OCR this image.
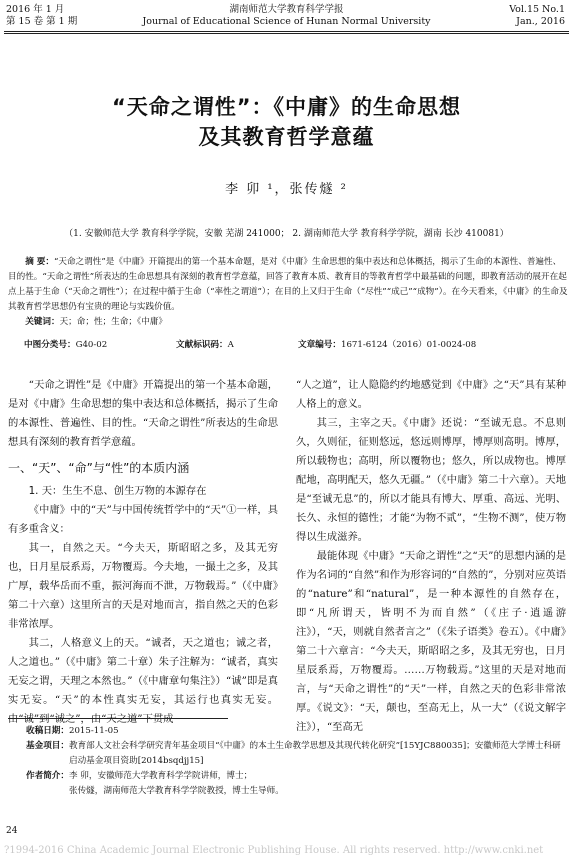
2016 年 1 月
第 15 卷 第 1 期
湖南师范大学教育科学学报
Journal of Educational Science of Hunan Normal University
Vol.15 No.1
Jan., 2016
“天命之谓性”：《中庸》的生命思想
及其教育哲学意蕴
李 卯 ¹，张传燧 ²
（1. 安徽师范大学 教育科学学院，安徽 芜湖 241000； 2. 湖南师范大学 教育科学学院，湖南 长沙 410081）

摘 要：“天命之谓性”是《中庸》开篇提出的第一个基本命题，是对《中庸》生命思想的集中表达和总体概括，揭示了生命的本源性、普遍性、目的性。“天命之谓性”所表达的生命思想具有深刻的教育哲学意蕴，回答了教育本质、教育目的等教育哲学中最基础的问题，即教育活动的展开在起点上基于生命（“天命之谓性”）；在过程中循于生命（“率性之谓道”）；在目的上又归于生命（“尽性”“成己”“成物”）。在今天看来，《中庸》的生命及其教育哲学思想仍有宝贵的理论与实践价值。

关键词：天；命；性；生命；《中庸》

中图分类号：G40-02	文献标识码：A	文章编号：1671-6124（2016）01-0024-08

“天命之谓性”是《中庸》开篇提出的第一个基本命题，是对《中庸》生命思想的集中表达和总体概括，揭示了生命的本源性、普遍性、目的性。“天命之谓性”所表达的生命思想具有深刻的教育哲学意蕴。

一、“天”、“命”与“性”的本质内涵

1. 天：生生不息、创生万物的本源存在

《中庸》中的“天”与中国传统哲学中的“天”①一样，具有多重含义：

其一，自然之天。“今夫天，斯昭昭之多，及其无穷也，日月星辰系焉，万物覆焉。今夫地，一撮土之多，及其广厚，载华岳而不重，振河海而不泄，万物载焉。”（《中庸》第二十六章）这里所言的天是对地而言，指自然之天的色彩非常浓厚。

其二，人格意义上的天。“诚者，天之道也；诚之者，人之道也。”（《中庸》第二十章）朱子注解为：“诚者，真实无妄之谓，天理之本然也。”（《中庸章句集注》）“诚”即是真实无妄。“天”的本性真实无妄，其运行也真实无妄。由“诚”到“诚之”，由“天之道”下贯成

“人之道”，让人隐隐约约地感觉到《中庸》之“天”具有某种人格上的意义。

其三，主宰之天。《中庸》还说：“至诚无息。不息则久，久则征，征则悠远，悠远则博厚，博厚则高明。博厚，所以载物也；高明，所以覆物也；悠久，所以成物也。博厚配地，高明配天，悠久无疆。”（《中庸》第二十六章）。天地是“至诚无息”的，所以才能具有博大、厚重、高远、光明、长久、永恒的德性；才能“为物不贰”，“生物不测”，使万物得以生成滋养。

最能体现《中庸》“天命之谓性”之“天”的思想内涵的是作为名词的“自然”和作为形容词的“自然的”，分别对应英语的“nature”和“natural”，是一种本源性的自然存在，即“凡所谓天，皆明不为而自然”（《庄子·逍遥游注》），“天，则就自然者言之”（《朱子语类》卷五）。《中庸》第二十六章言：“今夫天，斯昭昭之多，及其无穷也，日月星辰系焉，万物覆焉。……万物载焉。”这里的天是对地而言，与“天命之谓性”的“天”一样，自然之天的色彩非常浓厚。《说文》：“天，颠也，至高无上，从一大”（《说文解字注》），“至高无

收稿日期： 2015-11-05
基金项目： 教育部人文社会科学研究青年基金项目“《中庸》的本土生命教学思想及其现代转化研究”[15YJC880035]；安徽师范大学博士科研启动基金项目资助[2014bsqdjj15]
作者简介： 李 卯，安徽师范大学教育科学学院讲师，博士；
张传燧，湖南师范大学教育科学学院教授，博士生导师。
24
?1994-2016 China Academic Journal Electronic Publishing House. All rights reserved. http://www.cnki.net
